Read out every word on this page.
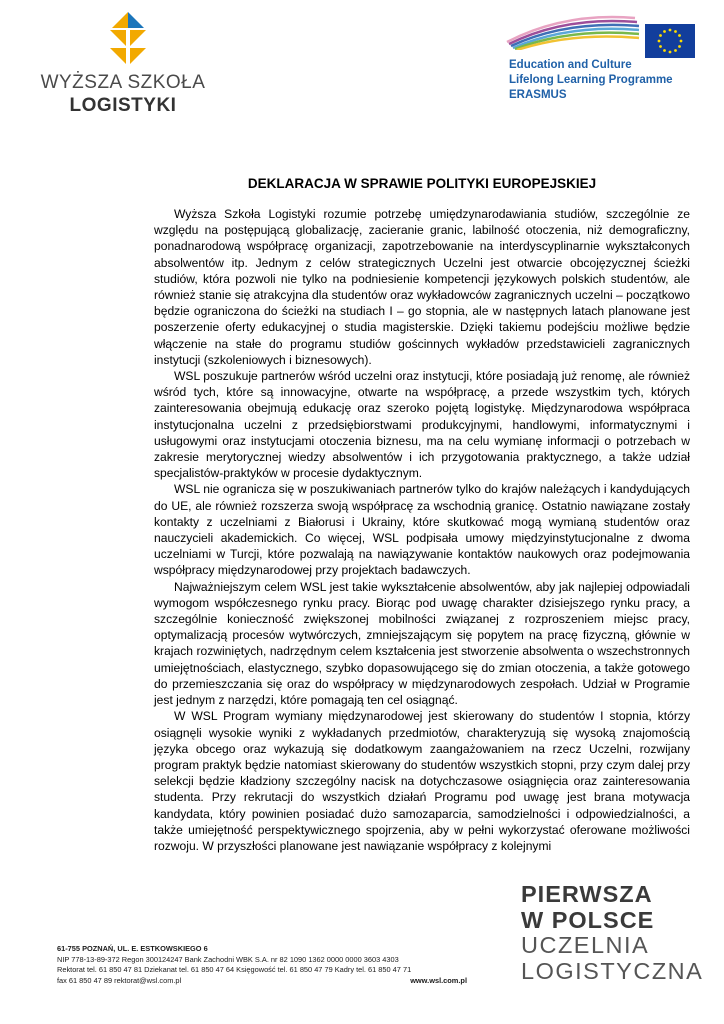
WYŻSZA SZKOŁA
LOGISTYKI
Education and Culture
Lifelong Learning Programme
ERASMUS
DEKLARACJA W SPRAWIE POLITYKI EUROPEJSKIEJ

Wyższa Szkoła Logistyki rozumie potrzebę umiędzynarodawiania studiów, szczególnie ze względu na postępującą globalizację, zacieranie granic, labilność otoczenia, niż demograficzny, ponadnarodową współpracę organizacji, zapotrzebowanie na interdyscyplinarnie wykształconych absolwentów itp. Jednym z celów strategicznych Uczelni jest otwarcie obcojęzycznej ścieżki studiów, która pozwoli nie tylko na podniesienie kompetencji językowych polskich studentów, ale również stanie się atrakcyjna dla studentów oraz wykładowców zagranicznych uczelni – początkowo będzie ograniczona do ścieżki na studiach I – go stopnia, ale w następnych latach planowane jest poszerzenie oferty edukacyjnej o studia magisterskie. Dzięki takiemu podejściu możliwe będzie włączenie na stałe do programu studiów gościnnych wykładów przedstawicieli zagranicznych instytucji (szkoleniowych i biznesowych).

WSL poszukuje partnerów wśród uczelni oraz instytucji, które posiadają już renomę, ale również wśród tych, które są innowacyjne, otwarte na współpracę, a przede wszystkim tych, których zainteresowania obejmują edukację oraz szeroko pojętą logistykę. Międzynarodowa współpraca instytucjonalna uczelni z przedsiębiorstwami produkcyjnymi, handlowymi, informatycznymi i usługowymi oraz instytucjami otoczenia biznesu, ma na celu wymianę informacji o potrzebach w zakresie merytorycznej wiedzy absolwentów i ich przygotowania praktycznego, a także udział specjalistów-praktyków w procesie dydaktycznym.

WSL nie ogranicza się w poszukiwaniach partnerów tylko do krajów należących i kandydujących do UE, ale również rozszerza swoją współpracę za wschodnią granicę. Ostatnio nawiązane zostały kontakty z uczelniami z Białorusi i Ukrainy, które skutkować mogą wymianą studentów oraz nauczycieli akademickich. Co więcej, WSL podpisała umowy międzyinstytucjonalne z dwoma uczelniami w Turcji, które pozwalają na nawiązywanie kontaktów naukowych oraz podejmowania współpracy międzynarodowej przy projektach badawczych.

Najważniejszym celem WSL jest takie wykształcenie absolwentów, aby jak najlepiej odpowiadali wymogom współczesnego rynku pracy. Biorąc pod uwagę charakter dzisiejszego rynku pracy, a szczególnie konieczność zwiększonej mobilności związanej z rozproszeniem miejsc pracy, optymalizacją procesów wytwórczych, zmniejszającym się popytem na pracę fizyczną, głównie w krajach rozwiniętych, nadrzędnym celem kształcenia jest stworzenie absolwenta o wszechstronnych umiejętnościach, elastycznego, szybko dopasowującego się do zmian otoczenia, a także gotowego do przemieszczania się oraz do współpracy w międzynarodowych zespołach. Udział w Programie jest jednym z narzędzi, które pomagają ten cel osiągnąć.

W WSL Program wymiany międzynarodowej jest skierowany do studentów I stopnia, którzy osiągnęli wysokie wyniki z wykładanych przedmiotów, charakteryzują się wysoką znajomością języka obcego oraz wykazują się dodatkowym zaangażowaniem na rzecz Uczelni, rozwijany program praktyk będzie natomiast skierowany do studentów wszystkich stopni, przy czym dalej przy selekcji będzie kładziony szczególny nacisk na dotychczasowe osiągnięcia oraz zainteresowania studenta. Przy rekrutacji do wszystkich działań Programu pod uwagę jest brana motywacja kandydata, który powinien posiadać dużo samozaparcia, samodzielności i odpowiedzialności, a także umiejętność perspektywicznego spojrzenia, aby w pełni wykorzystać oferowane możliwości rozwoju. W przyszłości planowane jest nawiązanie współpracy z kolejnymi

61-755 POZNAŃ, UL. E. ESTKOWSKIEGO 6
NIP 778-13-89-372 Regon 300124247 Bank Zachodni WBK S.A. nr 82 1090 1362 0000 0000 3603 4303
Rektorat tel. 61 850 47 81 Dziekanat tel. 61 850 47 64 Księgowość tel. 61 850 47 79 Kadry tel. 61 850 47 71
fax 61 850 47 89 rektorat@wsl.com.pl	www.wsl.com.pl
PIERWSZA
W POLSCE
UCZELNIA
LOGISTYCZNA
